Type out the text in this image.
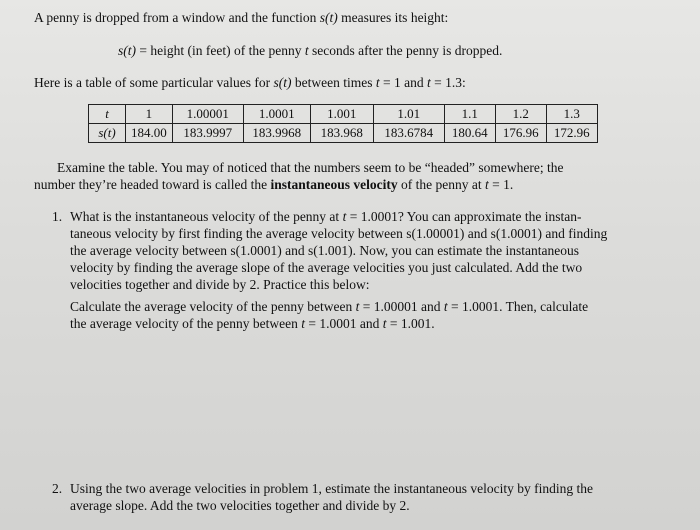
A penny is dropped from a window and the function s(t) measures its height:
s(t) = height (in feet) of the penny t seconds after the penny is dropped.
Here is a table of some particular values for s(t) between times t = 1 and t = 1.3:
t	1	1.00001	1.0001	1.001	1.01	1.1	1.2	1.3
s(t)	184.00	183.9997	183.9968	183.968	183.6784	180.64	176.96	172.96
Examine the table. You may of noticed that the numbers seem to be “headed” somewhere; the
number they’re headed toward is called the instantaneous velocity of the penny at t = 1.
1. What is the instantaneous velocity of the penny at t = 1.0001? You can approximate the instan-
taneous velocity by first finding the average velocity between s(1.00001) and s(1.0001) and finding
the average velocity between s(1.0001) and s(1.001). Now, you can estimate the instantaneous
velocity by finding the average slope of the average velocities you just calculated. Add the two
velocities together and divide by 2. Practice this below:
Calculate the average velocity of the penny between t = 1.00001 and t = 1.0001. Then, calculate
the average velocity of the penny between t = 1.0001 and t = 1.001.
2. Using the two average velocities in problem 1, estimate the instantaneous velocity by finding the
average slope. Add the two velocities together and divide by 2.
